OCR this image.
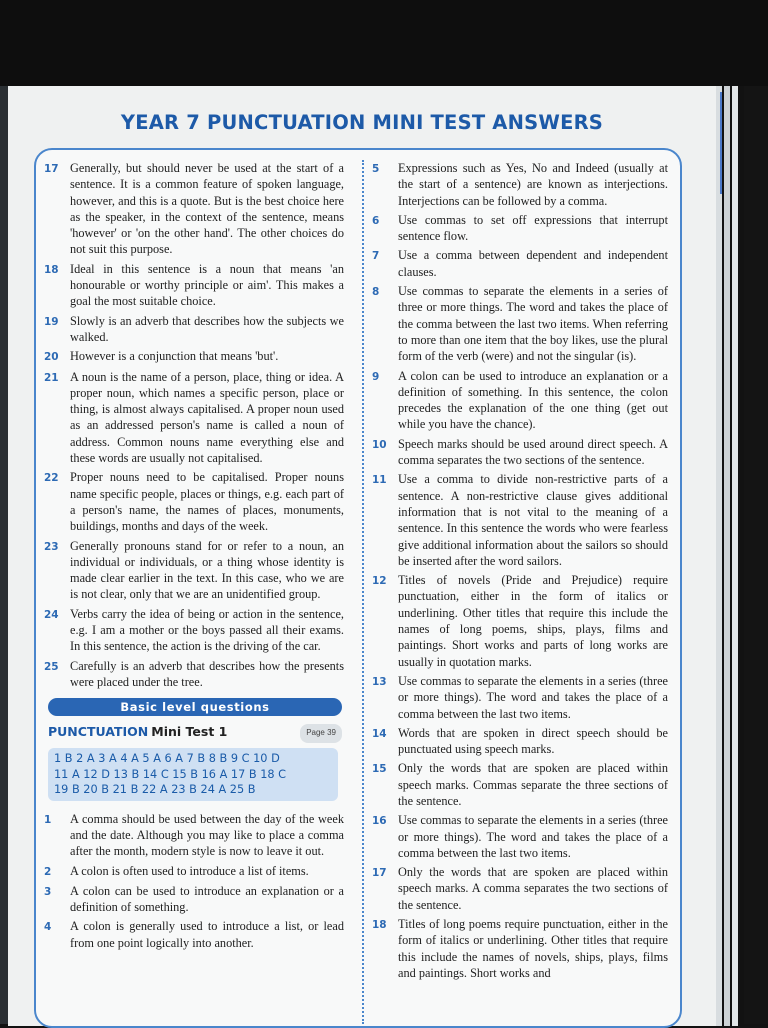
YEAR 7 PUNCTUATION MINI TEST ANSWERS
17 Generally, but should never be used at the start of a sentence. It is a common feature of spoken language, however, and this is a quote. But is the best choice here as the speaker, in the context of the sentence, means 'however' or 'on the other hand'. The other choices do not suit this purpose.
18 Ideal in this sentence is a noun that means 'an honourable or worthy principle or aim'. This makes a goal the most suitable choice.
19 Slowly is an adverb that describes how the subjects we walked.
20 However is a conjunction that means 'but'.
21 A noun is the name of a person, place, thing or idea. A proper noun, which names a specific person, place or thing, is almost always capitalised. A proper noun used as an addressed person's name is called a noun of address. Common nouns name everything else and these words are usually not capitalised.
22 Proper nouns need to be capitalised. Proper nouns name specific people, places or things, e.g. each part of a person's name, the names of places, monuments, buildings, months and days of the week.
23 Generally pronouns stand for or refer to a noun, an individual or individuals, or a thing whose identity is made clear earlier in the text. In this case, who we are is not clear, only that we are an unidentified group.
24 Verbs carry the idea of being or action in the sentence, e.g. I am a mother or the boys passed all their exams. In this sentence, the action is the driving of the car.
25 Carefully is an adverb that describes how the presents were placed under the tree.
Basic level questions
PUNCTUATION Mini Test 1	Page 39
1 B 2 A 3 A 4 A 5 A 6 A 7 B 8 B 9 C 10 D
11 A 12 D 13 B 14 C 15 B 16 A 17 B 18 C
19 B 20 B 21 B 22 A 23 B 24 A 25 B
1	A comma should be used between the day of the week and the date. Although you may like to place a comma after the month, modern style is now to leave it out.
2	A colon is often used to introduce a list of items.
3	A colon can be used to introduce an explanation or a definition of something.
4	A colon is generally used to introduce a list, or lead from one point logically into another.
5	Expressions such as Yes, No and Indeed (usually at the start of a sentence) are known as interjections. Interjections can be followed by a comma.
6	Use commas to set off expressions that interrupt sentence flow.
7	Use a comma between dependent and independent clauses.
8	Use commas to separate the elements in a series of three or more things. The word and takes the place of the comma between the last two items. When referring to more than one item that the boy likes, use the plural form of the verb (were) and not the singular (is).
9	A colon can be used to introduce an explanation or a definition of something. In this sentence, the colon precedes the explanation of the one thing (get out while you have the chance).
10 Speech marks should be used around direct speech. A comma separates the two sections of the sentence.
11 Use a comma to divide non-restrictive parts of a sentence. A non-restrictive clause gives additional information that is not vital to the meaning of a sentence. In this sentence the words who were fearless give additional information about the sailors so should be inserted after the word sailors.
12 Titles of novels (Pride and Prejudice) require punctuation, either in the form of italics or underlining. Other titles that require this include the names of long poems, ships, plays, films and paintings. Short works and parts of long works are usually in quotation marks.
13 Use commas to separate the elements in a series (three or more things). The word and takes the place of a comma between the last two items.
14 Words that are spoken in direct speech should be punctuated using speech marks.
15 Only the words that are spoken are placed within speech marks. Commas separate the three sections of the sentence.
16 Use commas to separate the elements in a series (three or more things). The word and takes the place of a comma between the last two items.
17 Only the words that are spoken are placed within speech marks. A comma separates the two sections of the sentence.
18 Titles of long poems require punctuation, either in the form of italics or underlining. Other titles that require this include the names of novels, ships, plays, films and paintings. Short works and
